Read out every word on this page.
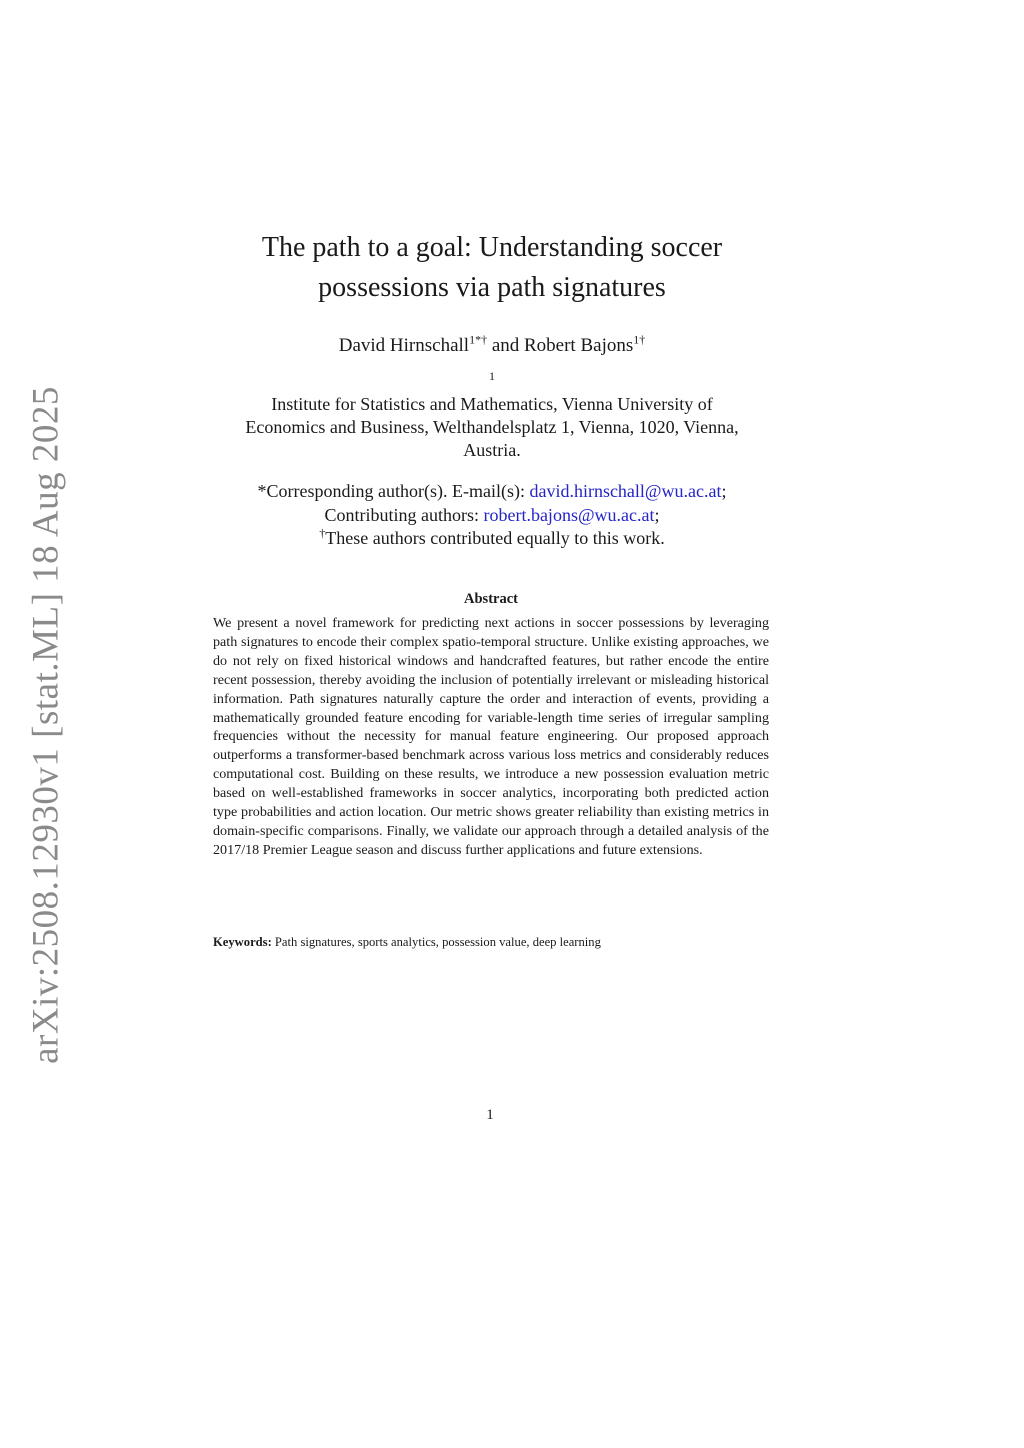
arXiv:2508.12930v1 [stat.ML] 18 Aug 2025
The path to a goal: Understanding soccer
possessions via path signatures
David Hirnschall$^{1*\dagger}$ and Robert Bajons$^{1\dagger}$
$^1$
Institute for Statistics and Mathematics, Vienna University of
Economics and Business, Welthandelsplatz 1, Vienna, 1020, Vienna,
Austria.
*Corresponding author(s). E-mail(s): david.hirnschall@wu.ac.at;
Contributing authors: robert.bajons@wu.ac.at;
†These authors contributed equally to this work.
Abstract
We present a novel framework for predicting next actions in soccer possessions by leveraging path signatures to encode their complex spatio-temporal structure. Unlike existing approaches, we do not rely on fixed historical windows and handcrafted features, but rather encode the entire recent possession, thereby avoiding the inclusion of potentially irrelevant or misleading historical information. Path signatures naturally capture the order and interaction of events, providing a mathematically grounded feature encoding for variable-length time series of irregular sampling frequencies without the necessity for manual feature engineering. Our proposed approach outperforms a transformer-based benchmark across various loss metrics and considerably reduces computational cost. Building on these results, we introduce a new possession evaluation metric based on well-established frameworks in soccer analytics, incorporating both predicted action type probabilities and action location. Our metric shows greater reliability than existing metrics in domain-specific comparisons. Finally, we validate our approach through a detailed analysis of the 2017/18 Premier League season and discuss further applications and future extensions.
Keywords: Path signatures, sports analytics, possession value, deep learning
1
